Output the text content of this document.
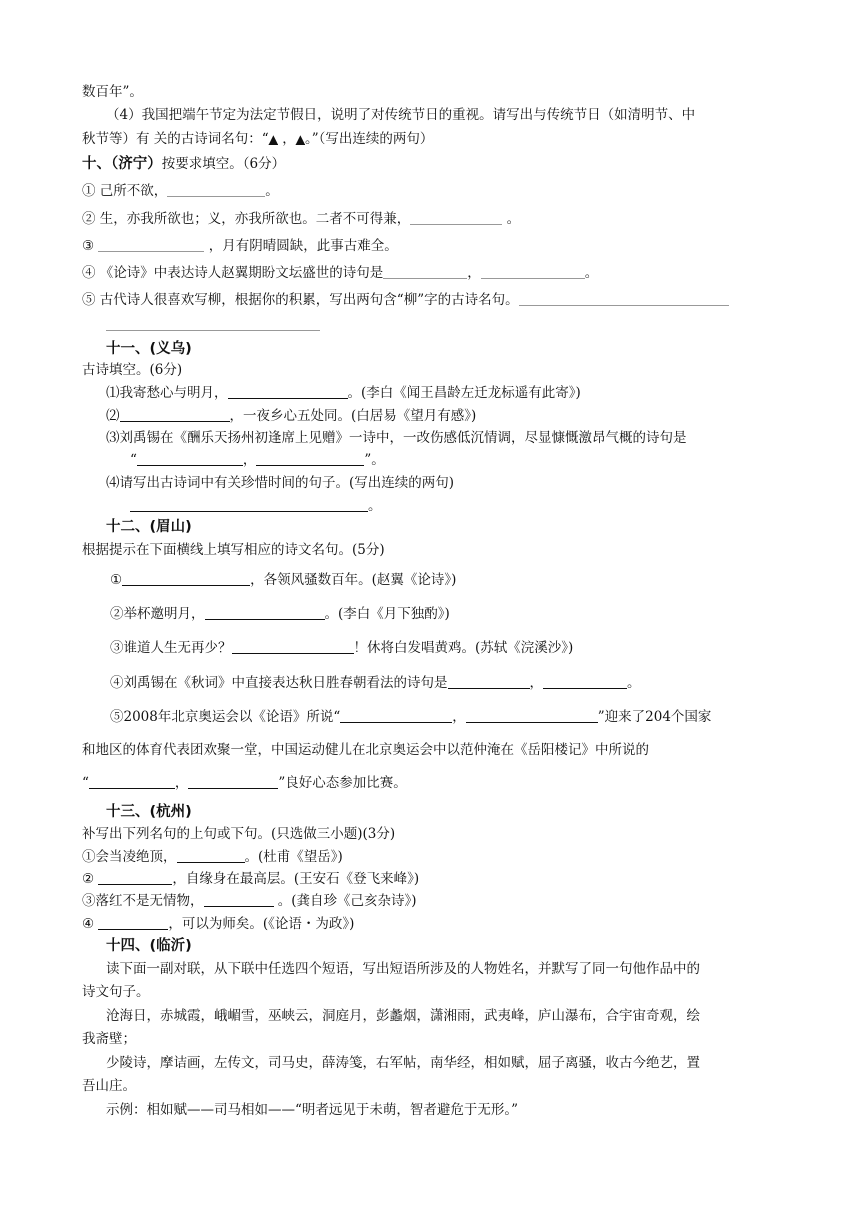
数百年”。
（4）我国把端午节定为法定节假日，说明了对传统节日的重视。请写出与传统节日（如清明节、中
秋节等）有 关的古诗词名句：“▲ ，▲。”（写出连续的两句）
十、（济宁）按要求填空。（6分）
① 己所不欲，	。
② 生，亦我所欲也；义，亦我所欲也。二者不可得兼，	。
③	，月有阴晴圆缺，此事古难全。
④ 《论诗》中表达诗人赵翼期盼文坛盛世的诗句是	，	。
⑤ 古代诗人很喜欢写柳，根据你的积累，写出两句含“柳”字的古诗名句。
十一、(义乌)
古诗填空。(6分)
⑴我寄愁心与明月，	。(李白《闻王昌龄左迁龙标遥有此寄》)
⑵	，一夜乡心五处同。(白居易《望月有感》)
⑶刘禹锡在《酬乐天扬州初逢席上见赠》一诗中，一改伤感低沉情调，尽显慷慨激昂气概的诗句是
“	，	”。
⑷请写出古诗词中有关珍惜时间的句子。(写出连续的两句)
。
十二、(眉山)
根据提示在下面横线上填写相应的诗文名句。(5分)
①	，各领风骚数百年。(赵翼《论诗》)
②举杯邀明月，	。(李白《月下独酌》)
③谁道人生无再少？	！休将白发唱黄鸡。(苏轼《浣溪沙》)
④刘禹锡在《秋词》中直接表达秋日胜春朝看法的诗句是	，	。
⑤2008年北京奥运会以《论语》所说“	，	”迎来了204个国家
和地区的体育代表团欢聚一堂，中国运动健儿在北京奥运会中以范仲淹在《岳阳楼记》中所说的
“	，	”良好心态参加比赛。
十三、(杭州)
补写出下列名句的上句或下句。(只选做三小题)(3分)
①会当凌绝顶，	。(杜甫《望岳》)
②	，自缘身在最高层。(王安石《登飞来峰》)
③落红不是无情物，	。(龚自珍《己亥杂诗》)
④	，可以为师矣。(《论语・为政》)
十四、(临沂)
读下面一副对联，从下联中任选四个短语，写出短语所涉及的人物姓名，并默写了同一句他作品中的
诗文句子。
沧海日，赤城霞，峨嵋雪，巫峡云，洞庭月，彭蠡烟，潇湘雨，武夷峰，庐山瀑布，合宇宙奇观，绘
我斋壁；
少陵诗，摩诘画，左传文，司马史，薛涛笺，右军帖，南华经，相如赋，屈子离骚，收古今绝艺，置
吾山庄。
示例：相如赋——司马相如——“明者远见于未萌，智者避危于无形。”
